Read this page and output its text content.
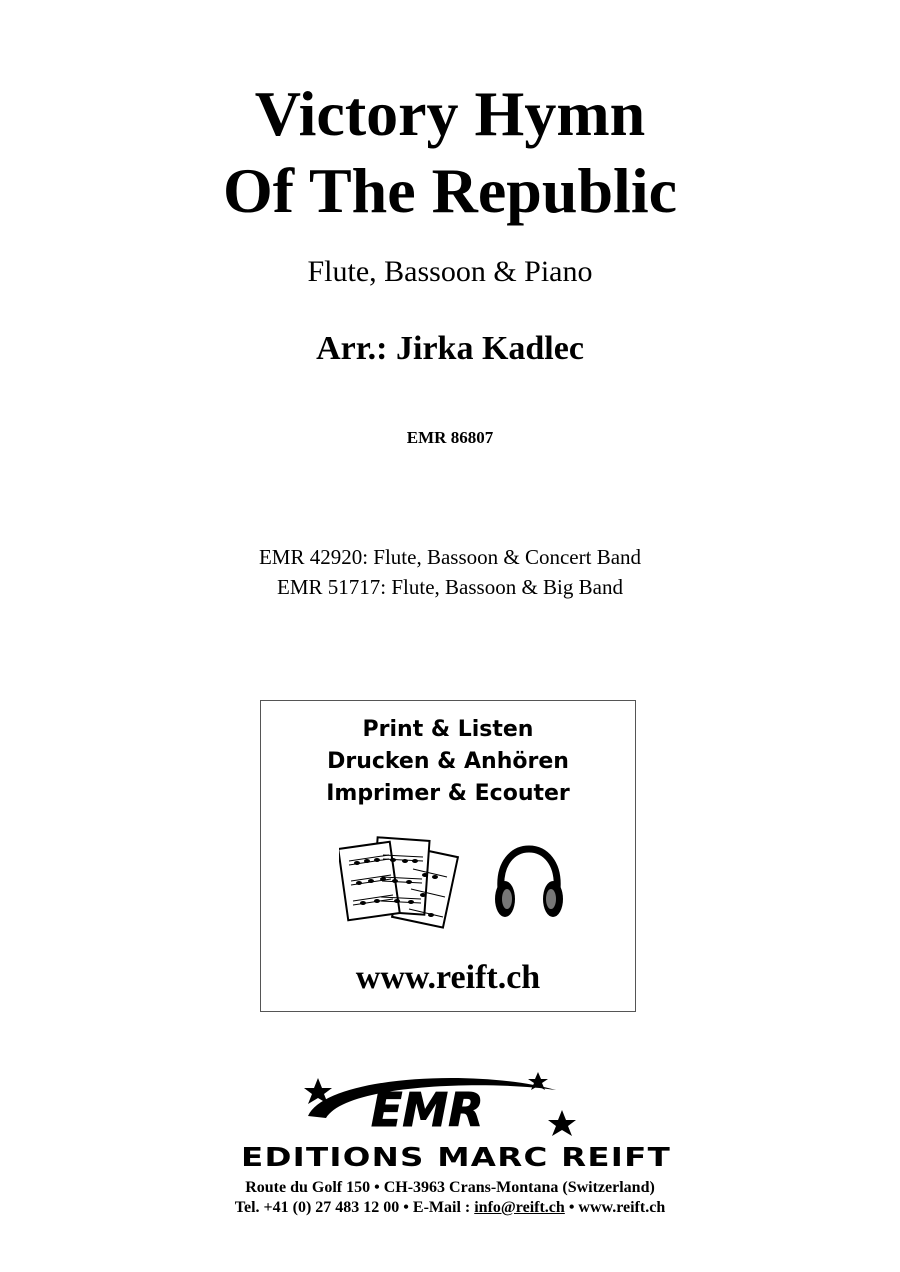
Victory Hymn
Of The Republic
Flute, Bassoon & Piano
Arr.: Jirka Kadlec
EMR 86807
EMR 42920: Flute, Bassoon & Concert Band
EMR 51717: Flute, Bassoon & Big Band
Print & Listen
Drucken & Anhören
Imprimer & Ecouter
www.reift.ch
EMR
EDITIONS MARC REIFT
Route du Golf 150 • CH-3963 Crans-Montana (Switzerland)
Tel. +41 (0) 27 483 12 00 • E-Mail : info@reift.ch • www.reift.ch
